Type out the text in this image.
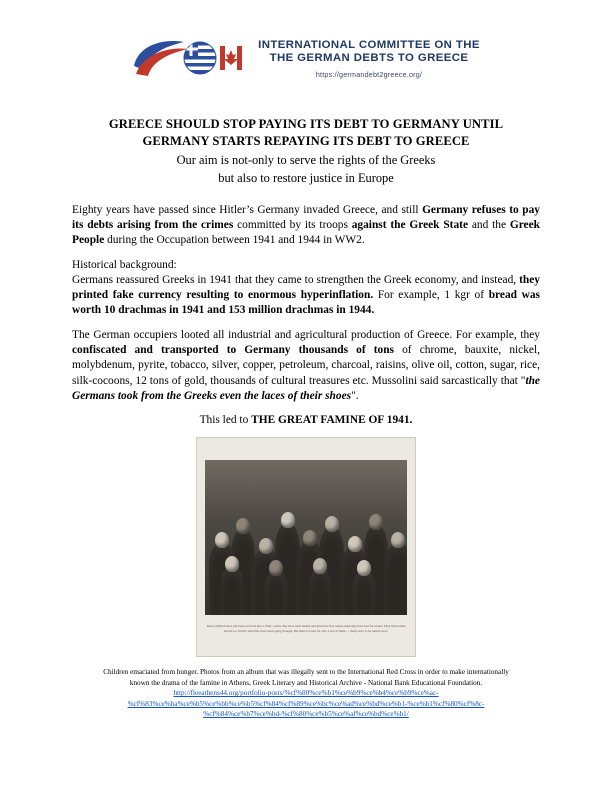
INTERNATIONAL COMMITTEE ON THE
THE GERMAN DEBTS TO GREECE
https://germandebt2greece.org/
GREECE SHOULD STOP PAYING ITS DEBT TO GERMANY UNTIL
GERMANY STARTS REPAYING ITS DEBT TO GREECE
Our aim is not-only to serve the rights of the Greeks
but also to restore justice in Europe

Eighty years have passed since Hitler’s Germany invaded Greece, and still Germany refuses to pay its debts arising from the crimes committed by its troops against the Greek State and the Greek People during the Occupation between 1941 and 1944 in WW2.

Historical background:

Germans reassured Greeks in 1941 that they came to strengthen the Greek economy, and instead, they printed fake currency resulting to enormous hyperinflation. For example, 1 kgr of bread was worth 10 drachmas in 1941 and 153 million drachmas in 1944.

The German occupiers looted all industrial and agricultural production of Greece. For example, they confiscated and transported to Germany thousands of tons of chrome, bauxite, nickel, molybdenum, pyrite, tobacco, silver, copper, petroleum, charcoal, raisins, olive oil, cotton, sugar, rice, silk-cocoons, 12 tons of gold, thousands of cultural treasures etc. Mussolini said sarcastically that "the Germans took from the Greeks even the laces of their shoes".

This led to THE GREAT FAMINE OF 1941.

These children have just been received into a clinic, where they have been bathed and given the first square meal they have had for weeks. Their thin bodies tell all too vividly what they have been going through. But there is room for only a few of them — many have to be turned away.
Children emaciated from hunger. Photos from an album that was illegally sent to the International Red Cross in order to make internationally
known the drama of the famine in Athens, Greek Literary and Historical Archive - National Bank Educational Foundation.
http://fleeathens44.org/portfolio-posts/%cf%80%ce%b1%ce%b9%ce%b4%ce%b9%ce%ac-
%cf%83%ce%ba%ce%b5%ce%bb%ce%b5%cf%84%cf%89%ce%bc%ce%ad%ce%bd%ce%b1-%ce%b1%cf%80%cf%8c-
%cf%84%ce%b7%ce%bd-%cf%80%ce%b5%ce%af%ce%bd%ce%b1/
